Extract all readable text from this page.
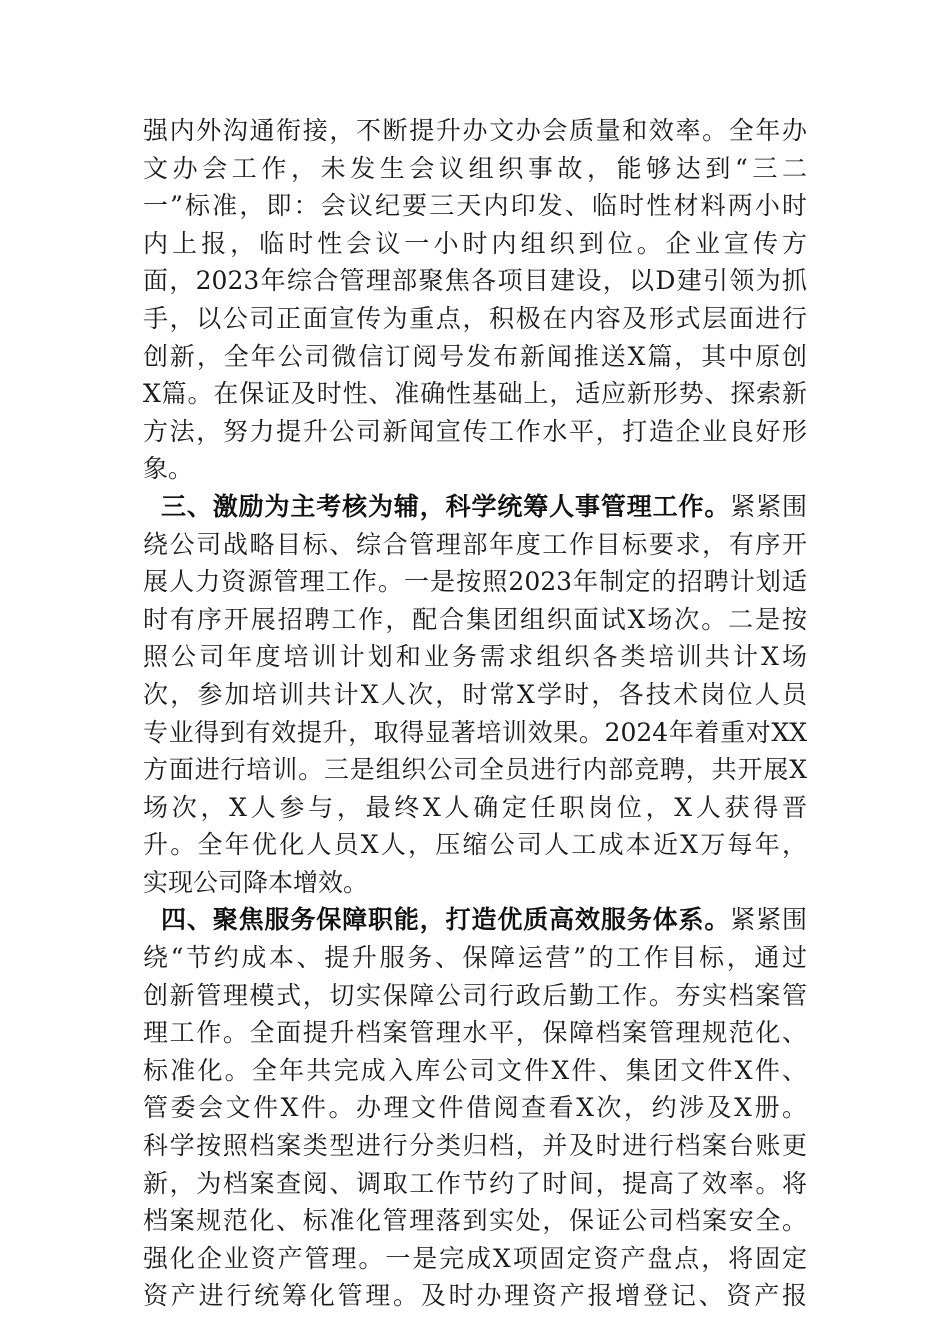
强内外沟通衔接，不断提升办文办会质量和效率。全年办
文办会工作，未发生会议组织事故，能够达到“三二
一”标准，即：会议纪要三天内印发、临时性材料两小时
内上报，临时性会议一小时内组织到位。企业宣传方
面，2023年综合管理部聚焦各项目建设，以D建引领为抓
手，以公司正面宣传为重点，积极在内容及形式层面进行
创新，全年公司微信订阅号发布新闻推送X篇，其中原创
X篇。在保证及时性、准确性基础上，适应新形势、探索新
方法，努力提升公司新闻宣传工作水平，打造企业良好形
象。
三、激励为主考核为辅，科学统筹人事管理工作。紧紧围
绕公司战略目标、综合管理部年度工作目标要求，有序开
展人力资源管理工作。一是按照2023年制定的招聘计划适
时有序开展招聘工作，配合集团组织面试X场次。二是按
照公司年度培训计划和业务需求组织各类培训共计X场
次，参加培训共计X人次，时常X学时，各技术岗位人员
专业得到有效提升，取得显著培训效果。2024年着重对XX
方面进行培训。三是组织公司全员进行内部竞聘，共开展X
场次，X人参与，最终X人确定任职岗位，X人获得晋
升。全年优化人员X人，压缩公司人工成本近X万每年，
实现公司降本增效。
四、聚焦服务保障职能，打造优质高效服务体系。紧紧围
绕“节约成本、提升服务、保障运营”的工作目标，通过
创新管理模式，切实保障公司行政后勤工作。夯实档案管
理工作。全面提升档案管理水平，保障档案管理规范化、
标准化。全年共完成入库公司文件X件、集团文件X件、
管委会文件X件。办理文件借阅查看X次，约涉及X册。
科学按照档案类型进行分类归档，并及时进行档案台账更
新，为档案查阅、调取工作节约了时间，提高了效率。将
档案规范化、标准化管理落到实处，保证公司档案安全。
强化企业资产管理。一是完成X项固定资产盘点，将固定
资产进行统筹化管理。及时办理资产报增登记、资产报
